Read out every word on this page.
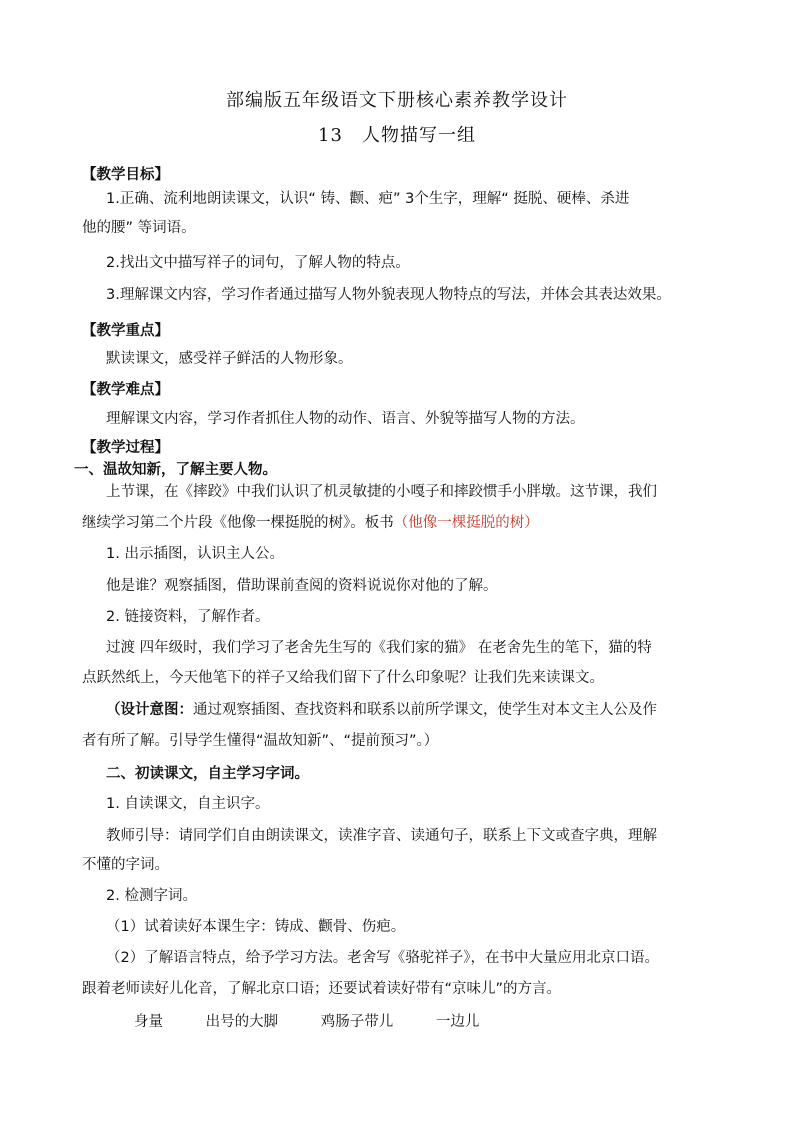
部编版五年级语文下册核心素养教学设计
13　人物描写一组
【教学目标】
1.正确、流利地朗读课文，认识“ 铸、颧、疤” 3个生字，理解“ 挺脱、硬棒、杀进
他的腰” 等词语。
2.找出文中描写祥子的词句，了解人物的特点。
3.理解课文内容，学习作者通过描写人物外貌表现人物特点的写法，并体会其表达效果。
【教学重点】
默读课文，感受祥子鲜活的人物形象。
【教学难点】
理解课文内容，学习作者抓住人物的动作、语言、外貌等描写人物的方法。
【教学过程】
一、温故知新，了解主要人物。
上节课，在《摔跤》中我们认识了机灵敏捷的小嘎子和摔跤惯手小胖墩。这节课，我们
继续学习第二个片段《他像一棵挺脱的树》。板书（他像一棵挺脱的树）
1. 出示插图，认识主人公。
他是谁？观察插图，借助课前查阅的资料说说你对他的了解。
2. 链接资料，了解作者。
过渡 四年级时，我们学习了老舍先生写的《我们家的猫》 在老舍先生的笔下，猫的特
点跃然纸上，今天他笔下的祥子又给我们留下了什么印象呢？让我们先来读课文。
（设计意图：通过观察插图、查找资料和联系以前所学课文，使学生对本文主人公及作
者有所了解。引导学生懂得“温故知新”、“提前预习”。）
二、初读课文，自主学习字词。
1. 自读课文，自主识字。
教师引导：请同学们自由朗读课文，读准字音、读通句子，联系上下文或查字典，理解
不懂的字词。
2. 检测字词。
（1）试着读好本课生字：铸成、颧骨、伤疤。
（2）了解语言特点，给予学习方法。老舍写《骆驼祥子》，在书中大量应用北京口语。
跟着老师读好儿化音，了解北京口语；还要试着读好带有“京味儿”的方言。
身量	出号的大脚	鸡肠子带儿	一边儿
